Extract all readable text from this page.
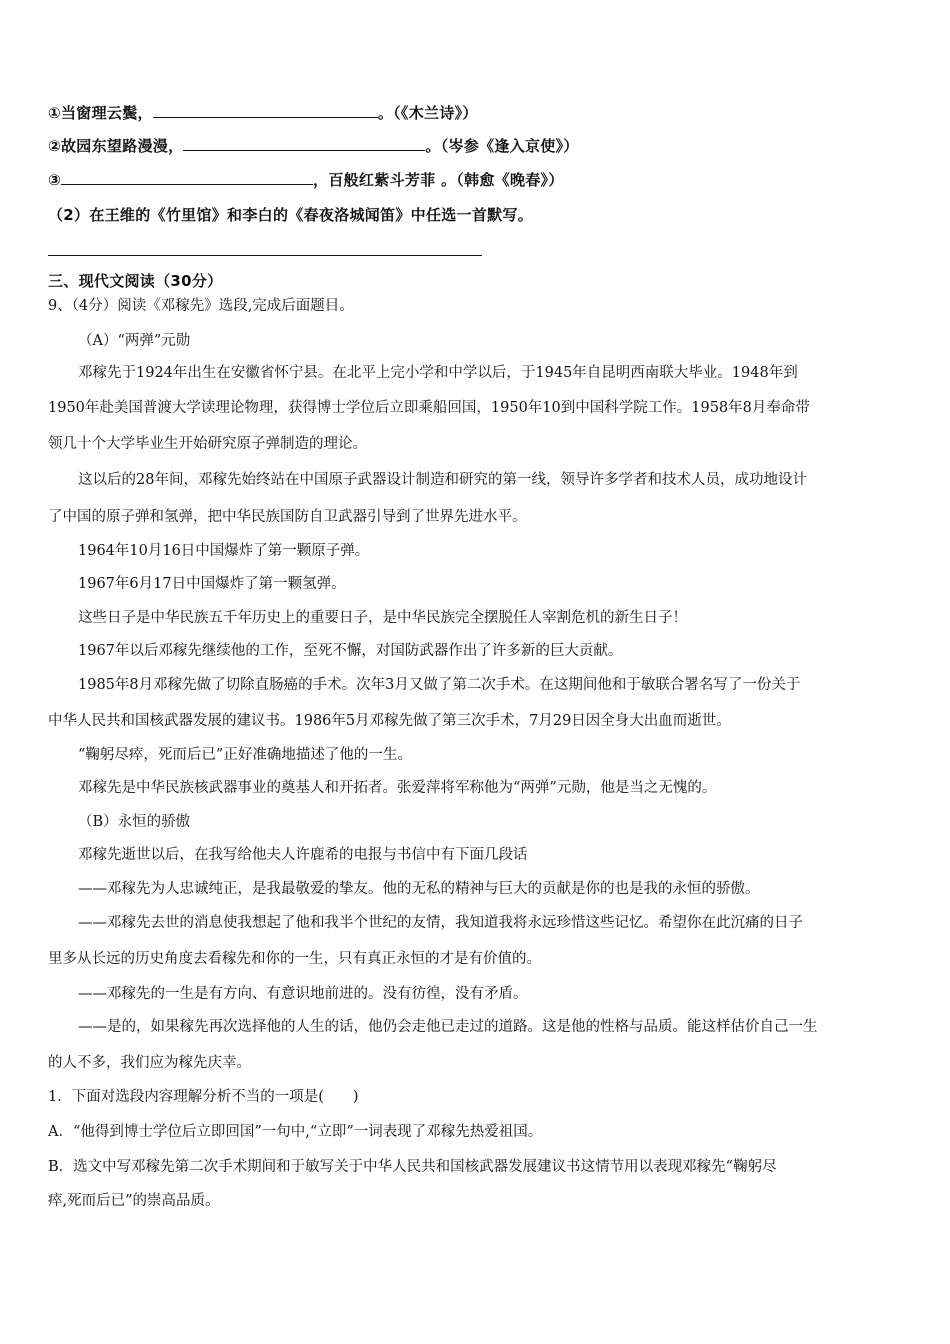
①当窗理云鬓，	。（《木兰诗》）
②故园东望路漫漫，	。（岑参《逢入京使》）
③	，百般红紫斗芳菲 。（韩愈《晚春》）
（2）在王维的《竹里馆》和李白的《春夜洛城闻笛》中任选一首默写。
三、现代文阅读（30分）
9、（4分）阅读《邓稼先》选段,完成后面题目。
（A）“两弹”元勋
邓稼先于1924年出生在安徽省怀宁县。在北平上完小学和中学以后，于1945年自昆明西南联大毕业。1948年到
1950年赴美国普渡大学读理论物理，获得博士学位后立即乘船回国，1950年10到中国科学院工作。1958年8月奉命带
领几十个大学毕业生开始研究原子弹制造的理论。
这以后的28年间，邓稼先始终站在中国原子武器设计制造和研究的第一线，领导许多学者和技术人员，成功地设计
了中国的原子弹和氢弹，把中华民族国防自卫武器引导到了世界先进水平。
1964年10月16日中国爆炸了第一颗原子弹。
1967年6月17日中国爆炸了第一颗氢弹。
这些日子是中华民族五千年历史上的重要日子，是中华民族完全摆脱任人宰割危机的新生日子！
1967年以后邓稼先继续他的工作，至死不懈，对国防武器作出了许多新的巨大贡献。
1985年8月邓稼先做了切除直肠癌的手术。次年3月又做了第二次手术。在这期间他和于敏联合署名写了一份关于
中华人民共和国核武器发展的建议书。1986年5月邓稼先做了第三次手术，7月29日因全身大出血而逝世。
“鞠躬尽瘁，死而后已”正好准确地描述了他的一生。
邓稼先是中华民族核武器事业的奠基人和开拓者。张爱萍将军称他为“两弹”元勋，他是当之无愧的。
（B）永恒的骄傲
邓稼先逝世以后，在我写给他夫人许鹿希的电报与书信中有下面几段话
——邓稼先为人忠诚纯正，是我最敬爱的挚友。他的无私的精神与巨大的贡献是你的也是我的永恒的骄傲。
——邓稼先去世的消息使我想起了他和我半个世纪的友情，我知道我将永远珍惜这些记忆。希望你在此沉痛的日子
里多从长远的历史角度去看稼先和你的一生，只有真正永恒的才是有价值的。
——邓稼先的一生是有方向、有意识地前进的。没有彷徨，没有矛盾。
——是的，如果稼先再次选择他的人生的话，他仍会走他已走过的道路。这是他的性格与品质。能这样估价自己一生
的人不多，我们应为稼先庆幸。
1．下面对选段内容理解分析不当的一项是(　　)
A．“他得到博士学位后立即回国”一句中,“立即”一词表现了邓稼先热爱祖国。
B．选文中写邓稼先第二次手术期间和于敏写关于中华人民共和国核武器发展建议书这情节用以表现邓稼先“鞠躬尽
瘁,死而后已”的崇高品质。
